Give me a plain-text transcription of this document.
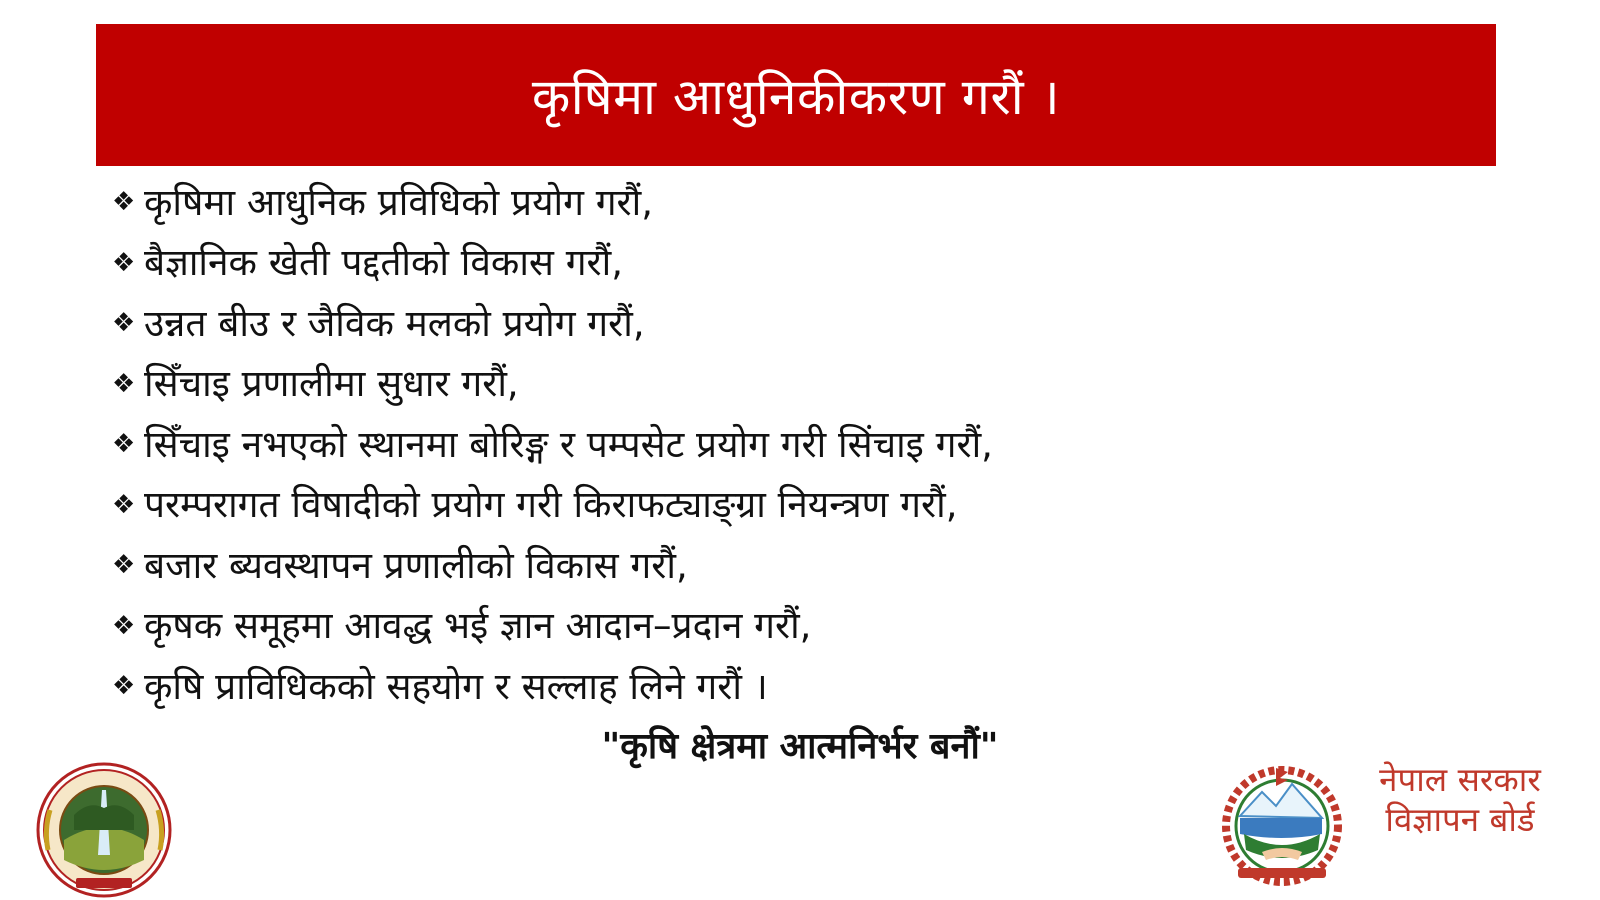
कृषिमा आधुनिकीकरण गरौं ।
❖ कृषिमा आधुनिक प्रविधिको प्रयोग गरौं,
❖ बैज्ञानिक खेती पद्दतीको विकास गरौं,
❖ उन्नत बीउ र जैविक मलको प्रयोग गरौं,
❖ सिँचाइ प्रणालीमा सुधार गरौं,
❖ सिँचाइ नभएको स्थानमा बोरिङ्ग र पम्पसेट प्रयोग गरी सिंचाइ गरौं,
❖ परम्परागत विषादीको प्रयोग गरी किराफट्याङ्ग्रा नियन्त्रण गरौं,
❖ बजार ब्यवस्थापन प्रणालीको विकास गरौं,
❖ कृषक समूहमा आवद्ध भई ज्ञान आदान–प्रदान गरौं,
❖ कृषि प्राविधिकको सहयोग र सल्लाह लिने गरौं ।
"कृषि क्षेत्रमा आत्मनिर्भर बनौं"
नेपाल सरकार
विज्ञापन बोर्ड
